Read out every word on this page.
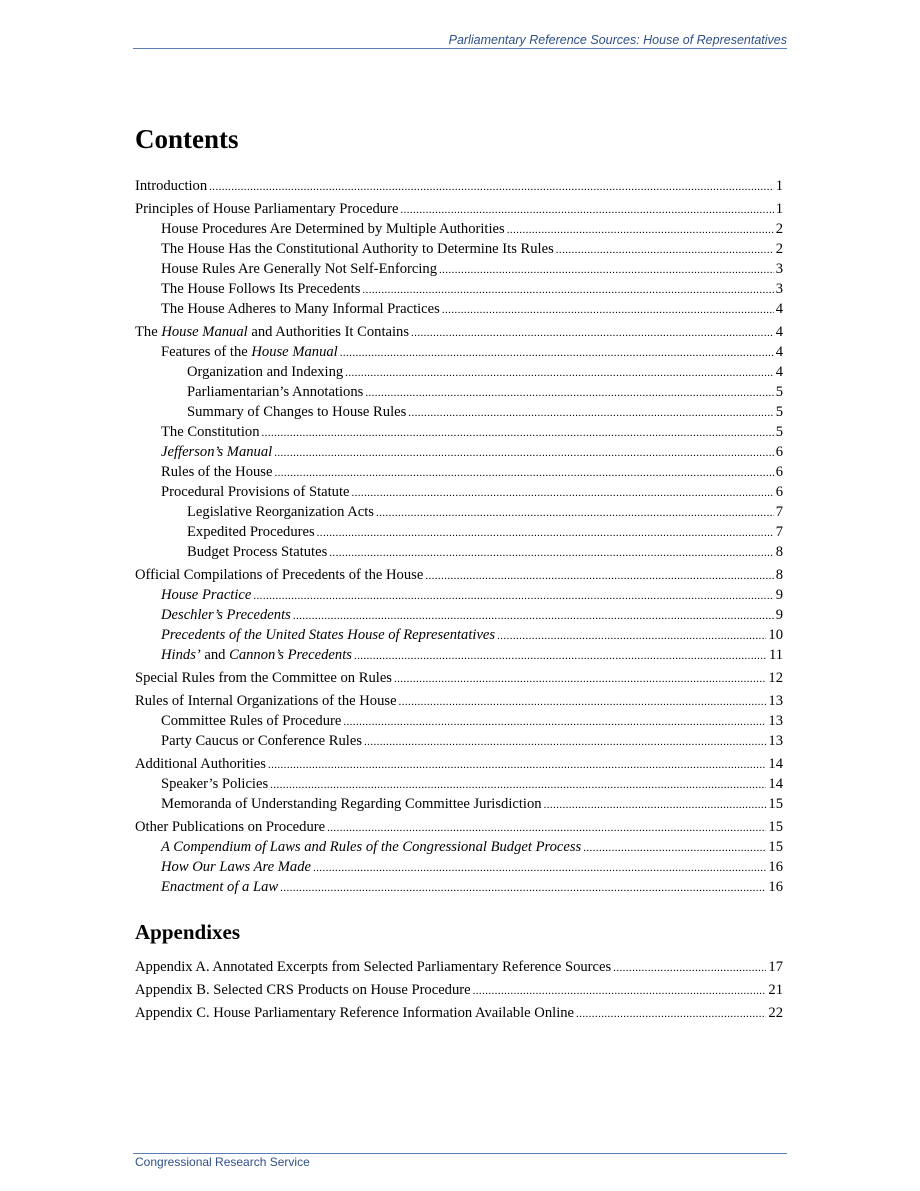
Parliamentary Reference Sources: House of Representatives
Contents
Introduction .....	1
Principles of House Parliamentary Procedure .....	1
House Procedures Are Determined by Multiple Authorities .....	2
The House Has the Constitutional Authority to Determine Its Rules .....	2
House Rules Are Generally Not Self-Enforcing .....	3
The House Follows Its Precedents .....	3
The House Adheres to Many Informal Practices .....	4
The House Manual and Authorities It Contains .....	4
Features of the House Manual .....	4
Organization and Indexing .....	4
Parliamentarian’s Annotations .....	5
Summary of Changes to House Rules .....	5
The Constitution .....	5
Jefferson’s Manual .....	6
Rules of the House .....	6
Procedural Provisions of Statute .....	6
Legislative Reorganization Acts .....	7
Expedited Procedures .....	7
Budget Process Statutes .....	8
Official Compilations of Precedents of the House .....	8
House Practice .....	9
Deschler’s Precedents .....	9
Precedents of the United States House of Representatives .....	10
Hinds’ and Cannon’s Precedents .....	11
Special Rules from the Committee on Rules .....	12
Rules of Internal Organizations of the House .....	13
Committee Rules of Procedure .....	13
Party Caucus or Conference Rules .....	13
Additional Authorities .....	14
Speaker’s Policies .....	14
Memoranda of Understanding Regarding Committee Jurisdiction .....	15
Other Publications on Procedure .....	15
A Compendium of Laws and Rules of the Congressional Budget Process .....	15
How Our Laws Are Made .....	16
Enactment of a Law .....	16
Appendixes
Appendix A. Annotated Excerpts from Selected Parliamentary Reference Sources .....	17
Appendix B. Selected CRS Products on House Procedure .....	21
Appendix C. House Parliamentary Reference Information Available Online .....	22
Congressional Research Service
